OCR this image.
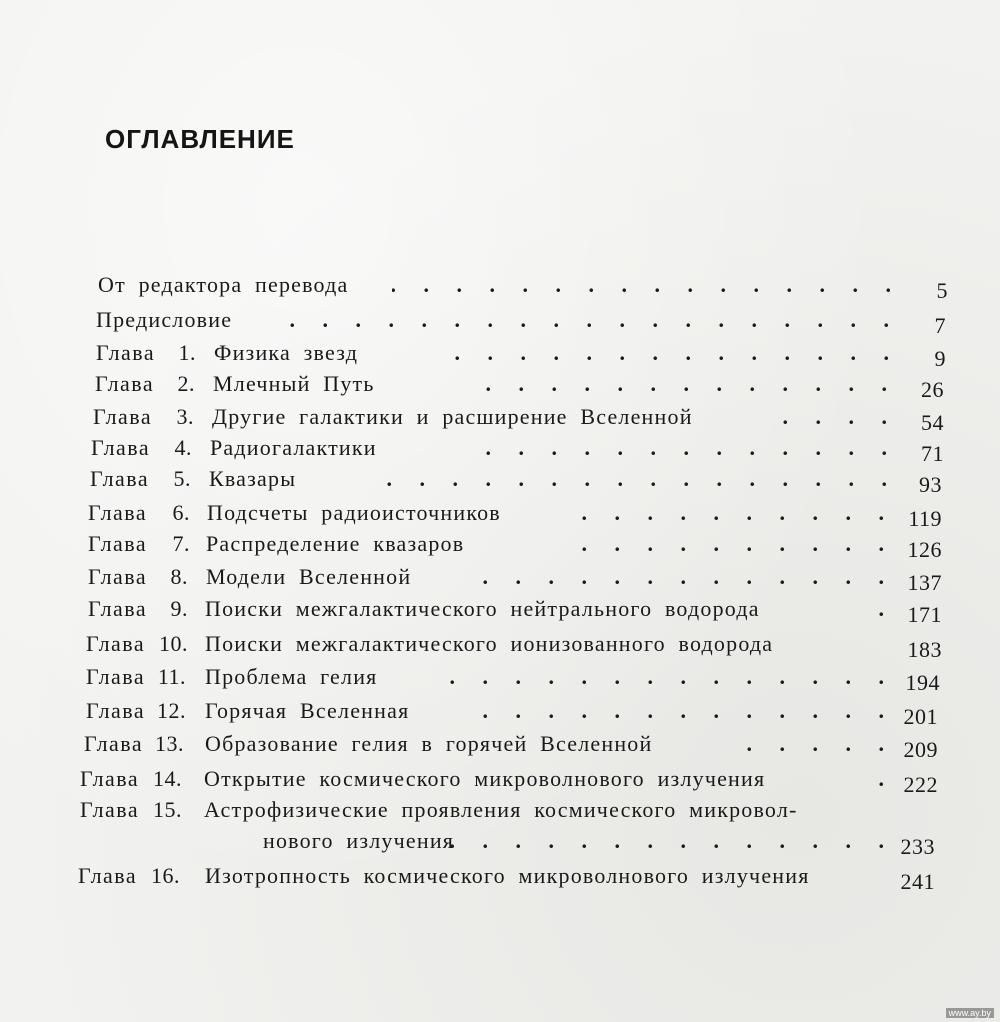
ОГЛАВЛЕНИЕ
От редактора перевода . . .	5
Предисловие . . .	7
Глава	1. Физика звезд . . .	9
Глава	2. Млечный Путь . . .	26
Глава	3. Другие галактики и расширение Вселенной . . .	54
Глава	4. Радиогалактики . . .	71
Глава	5. Квазары . . .	93
Глава	6. Подсчеты радиоисточников . . .	119
Глава	7. Распределение квазаров . . .	126
Глава	8. Модели Вселенной . . .	137
Глава	9. Поиски межгалактического нейтрального водорода . . .	171
Глава 10. Поиски межгалактического ионизованного водорода	183
Глава 11. Проблема гелия . . .	194
Глава 12. Горячая Вселенная . . .	201
Глава 13. Образование гелия в горячей Вселенной . . .	209
Глава 14. Открытие космического микроволнового излучения . . .	222
Глава 15. Астрофизические проявления космического микровол-
нового излучения . . .	233
Глава 16. Изотропность космического микроволнового излучения	241
www.ay.by
